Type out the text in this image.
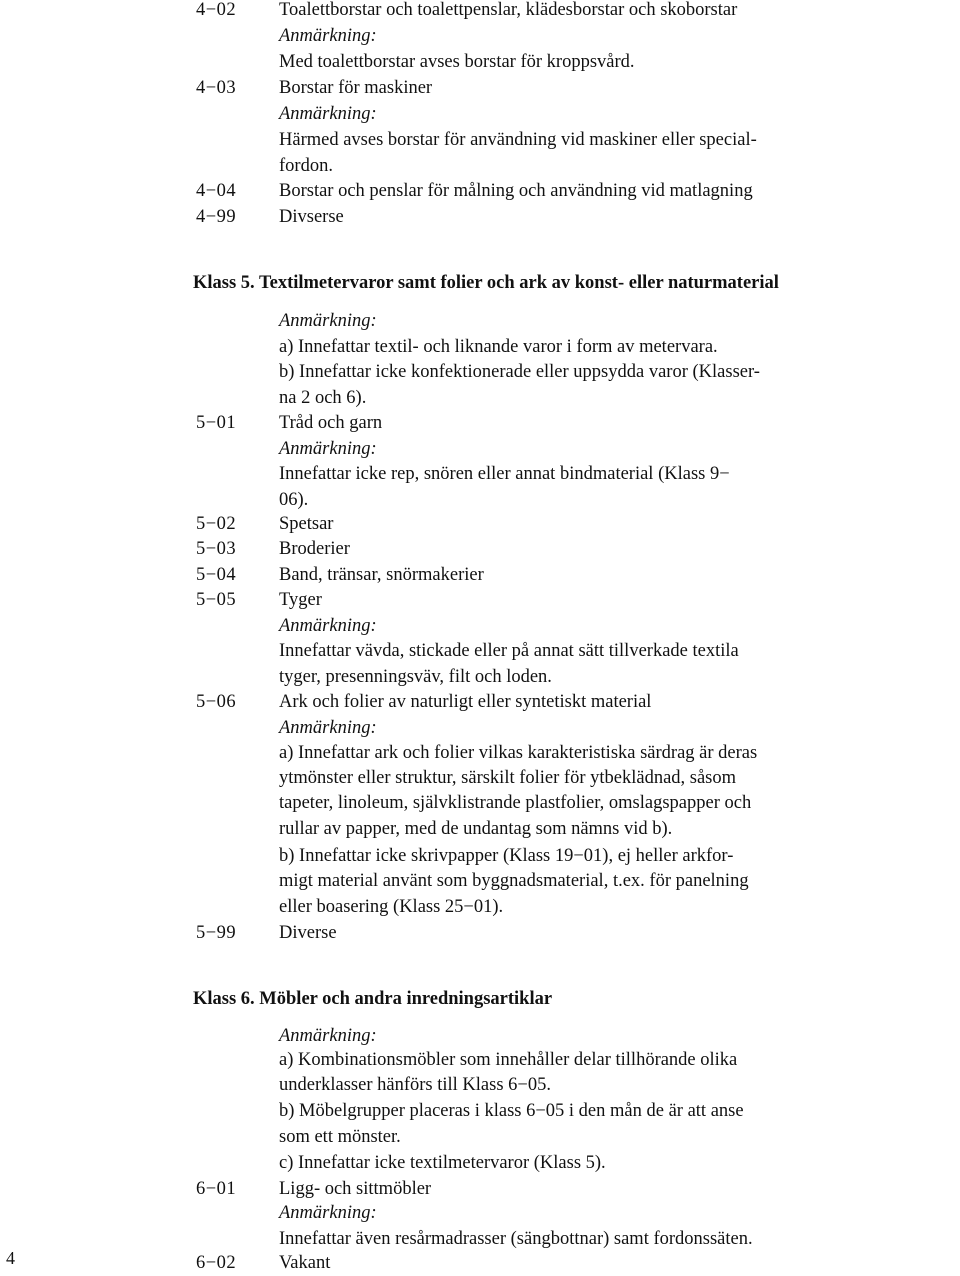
4−02 Toalettborstar och toalettpenslar, klädesborstar och skoborstar
Anmärkning:
Med toalettborstar avses borstar för kroppsvård.
4−03 Borstar för maskiner
Anmärkning:
Härmed avses borstar för användning vid maskiner eller special-
fordon.
4−04 Borstar och penslar för målning och användning vid matlagning
4−99 Divserse
Klass 5. Textilmetervaror samt folier och ark av konst- eller naturmaterial
Anmärkning:
a) Innefattar textil- och liknande varor i form av metervara.
b) Innefattar icke konfektionerade eller uppsydda varor (Klasser-
na 2 och 6).
5−01 Tråd och garn
Anmärkning:
Innefattar icke rep, snören eller annat bindmaterial (Klass 9−
06).
5−02 Spetsar
5−03 Broderier
5−04 Band, tränsar, snörmakerier
5−05 Tyger
Anmärkning:
Innefattar vävda, stickade eller på annat sätt tillverkade textila
tyger, presenningsväv, filt och loden.
5−06 Ark och folier av naturligt eller syntetiskt material
Anmärkning:
a) Innefattar ark och folier vilkas karakteristiska särdrag är deras
ytmönster eller struktur, särskilt folier för ytbeklädnad, såsom
tapeter, linoleum, självklistrande plastfolier, omslagspapper och
rullar av papper, med de undantag som nämns vid b).
b) Innefattar icke skrivpapper (Klass 19−01), ej heller arkfor-
migt material använt som byggnadsmaterial, t.ex. för panelning
eller boasering (Klass 25−01).
5−99 Diverse
Klass 6. Möbler och andra inredningsartiklar
Anmärkning:
a) Kombinationsmöbler som innehåller delar tillhörande olika
underklasser hänförs till Klass 6−05.
b) Möbelgrupper placeras i klass 6−05 i den mån de är att anse
som ett mönster.
c) Innefattar icke textilmetervaror (Klass 5).
6−01 Ligg- och sittmöbler
Anmärkning:
Innefattar även resårmadrasser (sängbottnar) samt fordonssäten.
6−02 Vakant
4
